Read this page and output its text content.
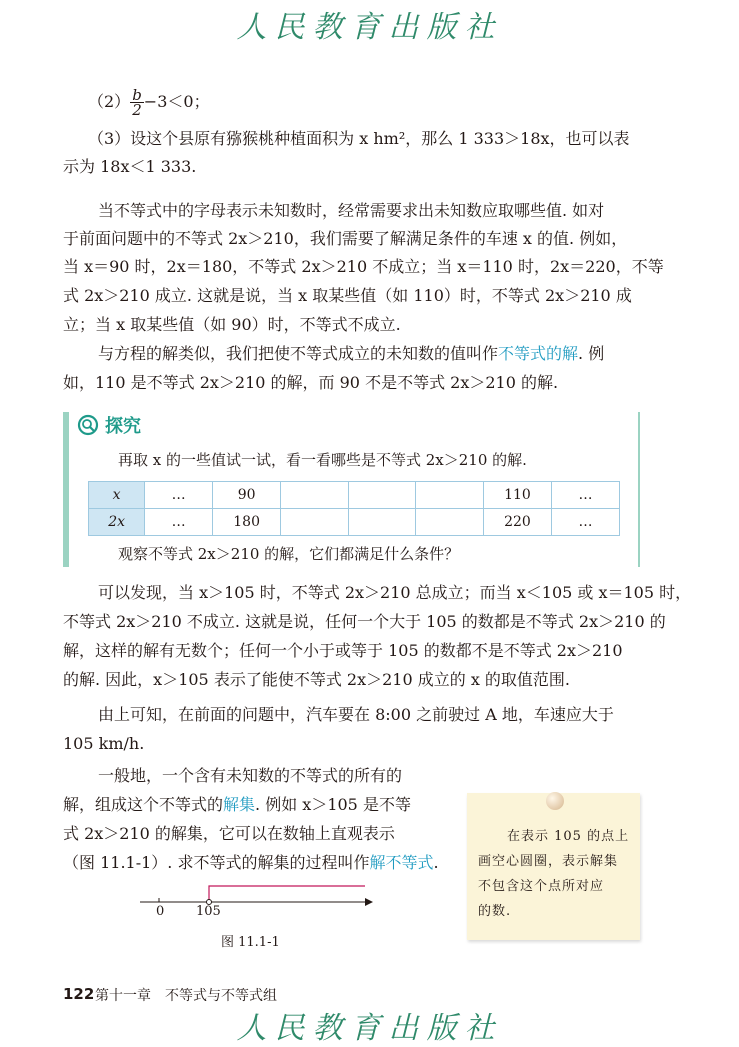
人民教育出版社
$(2) \frac{b}{2} -3<0$；
（3）设这个县原有猕猴桃种植面积为 x hm²，那么 1 333＞18x，也可以表
示为 18x＜1 333.
当不等式中的字母表示未知数时，经常需要求出未知数应取哪些值. 如对
于前面问题中的不等式 2x＞210，我们需要了解满足条件的车速 x 的值. 例如，
当 x＝90 时，2x＝180，不等式 2x＞210 不成立；当 x＝110 时，2x＝220，不等
式 2x＞210 成立. 这就是说，当 x 取某些值（如 110）时，不等式 2x＞210 成
立；当 x 取某些值（如 90）时，不等式不成立.
与方程的解类似，我们把使不等式成立的未知数的值叫作不等式的解. 例
如，110 是不等式 2x＞210 的解，而 90 不是不等式 2x＞210 的解.
探究
再取 x 的一些值试一试，看一看哪些是不等式 2x＞210 的解.
x	…	90				110	…
2x	…	180				220	…
观察不等式 2x＞210 的解，它们都满足什么条件？
可以发现，当 x＞105 时，不等式 2x＞210 总成立；而当 x＜105 或 x＝105 时，
不等式 2x＞210 不成立. 这就是说，任何一个大于 105 的数都是不等式 2x＞210 的
解，这样的解有无数个；任何一个小于或等于 105 的数都不是不等式 2x＞210
的解. 因此，x＞105 表示了能使不等式 2x＞210 成立的 x 的取值范围.
由上可知，在前面的问题中，汽车要在 8:00 之前驶过 A 地，车速应大于
105 km/h.
一般地，一个含有未知数的不等式的所有的
解，组成这个不等式的解集. 例如 x＞105 是不等
式 2x＞210 的解集，它可以在数轴上直观表示
（图 11.1-1）. 求不等式的解集的过程叫作解不等式.
0 105
图 11.1-1
在表示 105 的点上
画空心圆圈，表示解集
不包含这个点所对应
的数.
122 第十一章　不等式与不等式组
人民教育出版社
